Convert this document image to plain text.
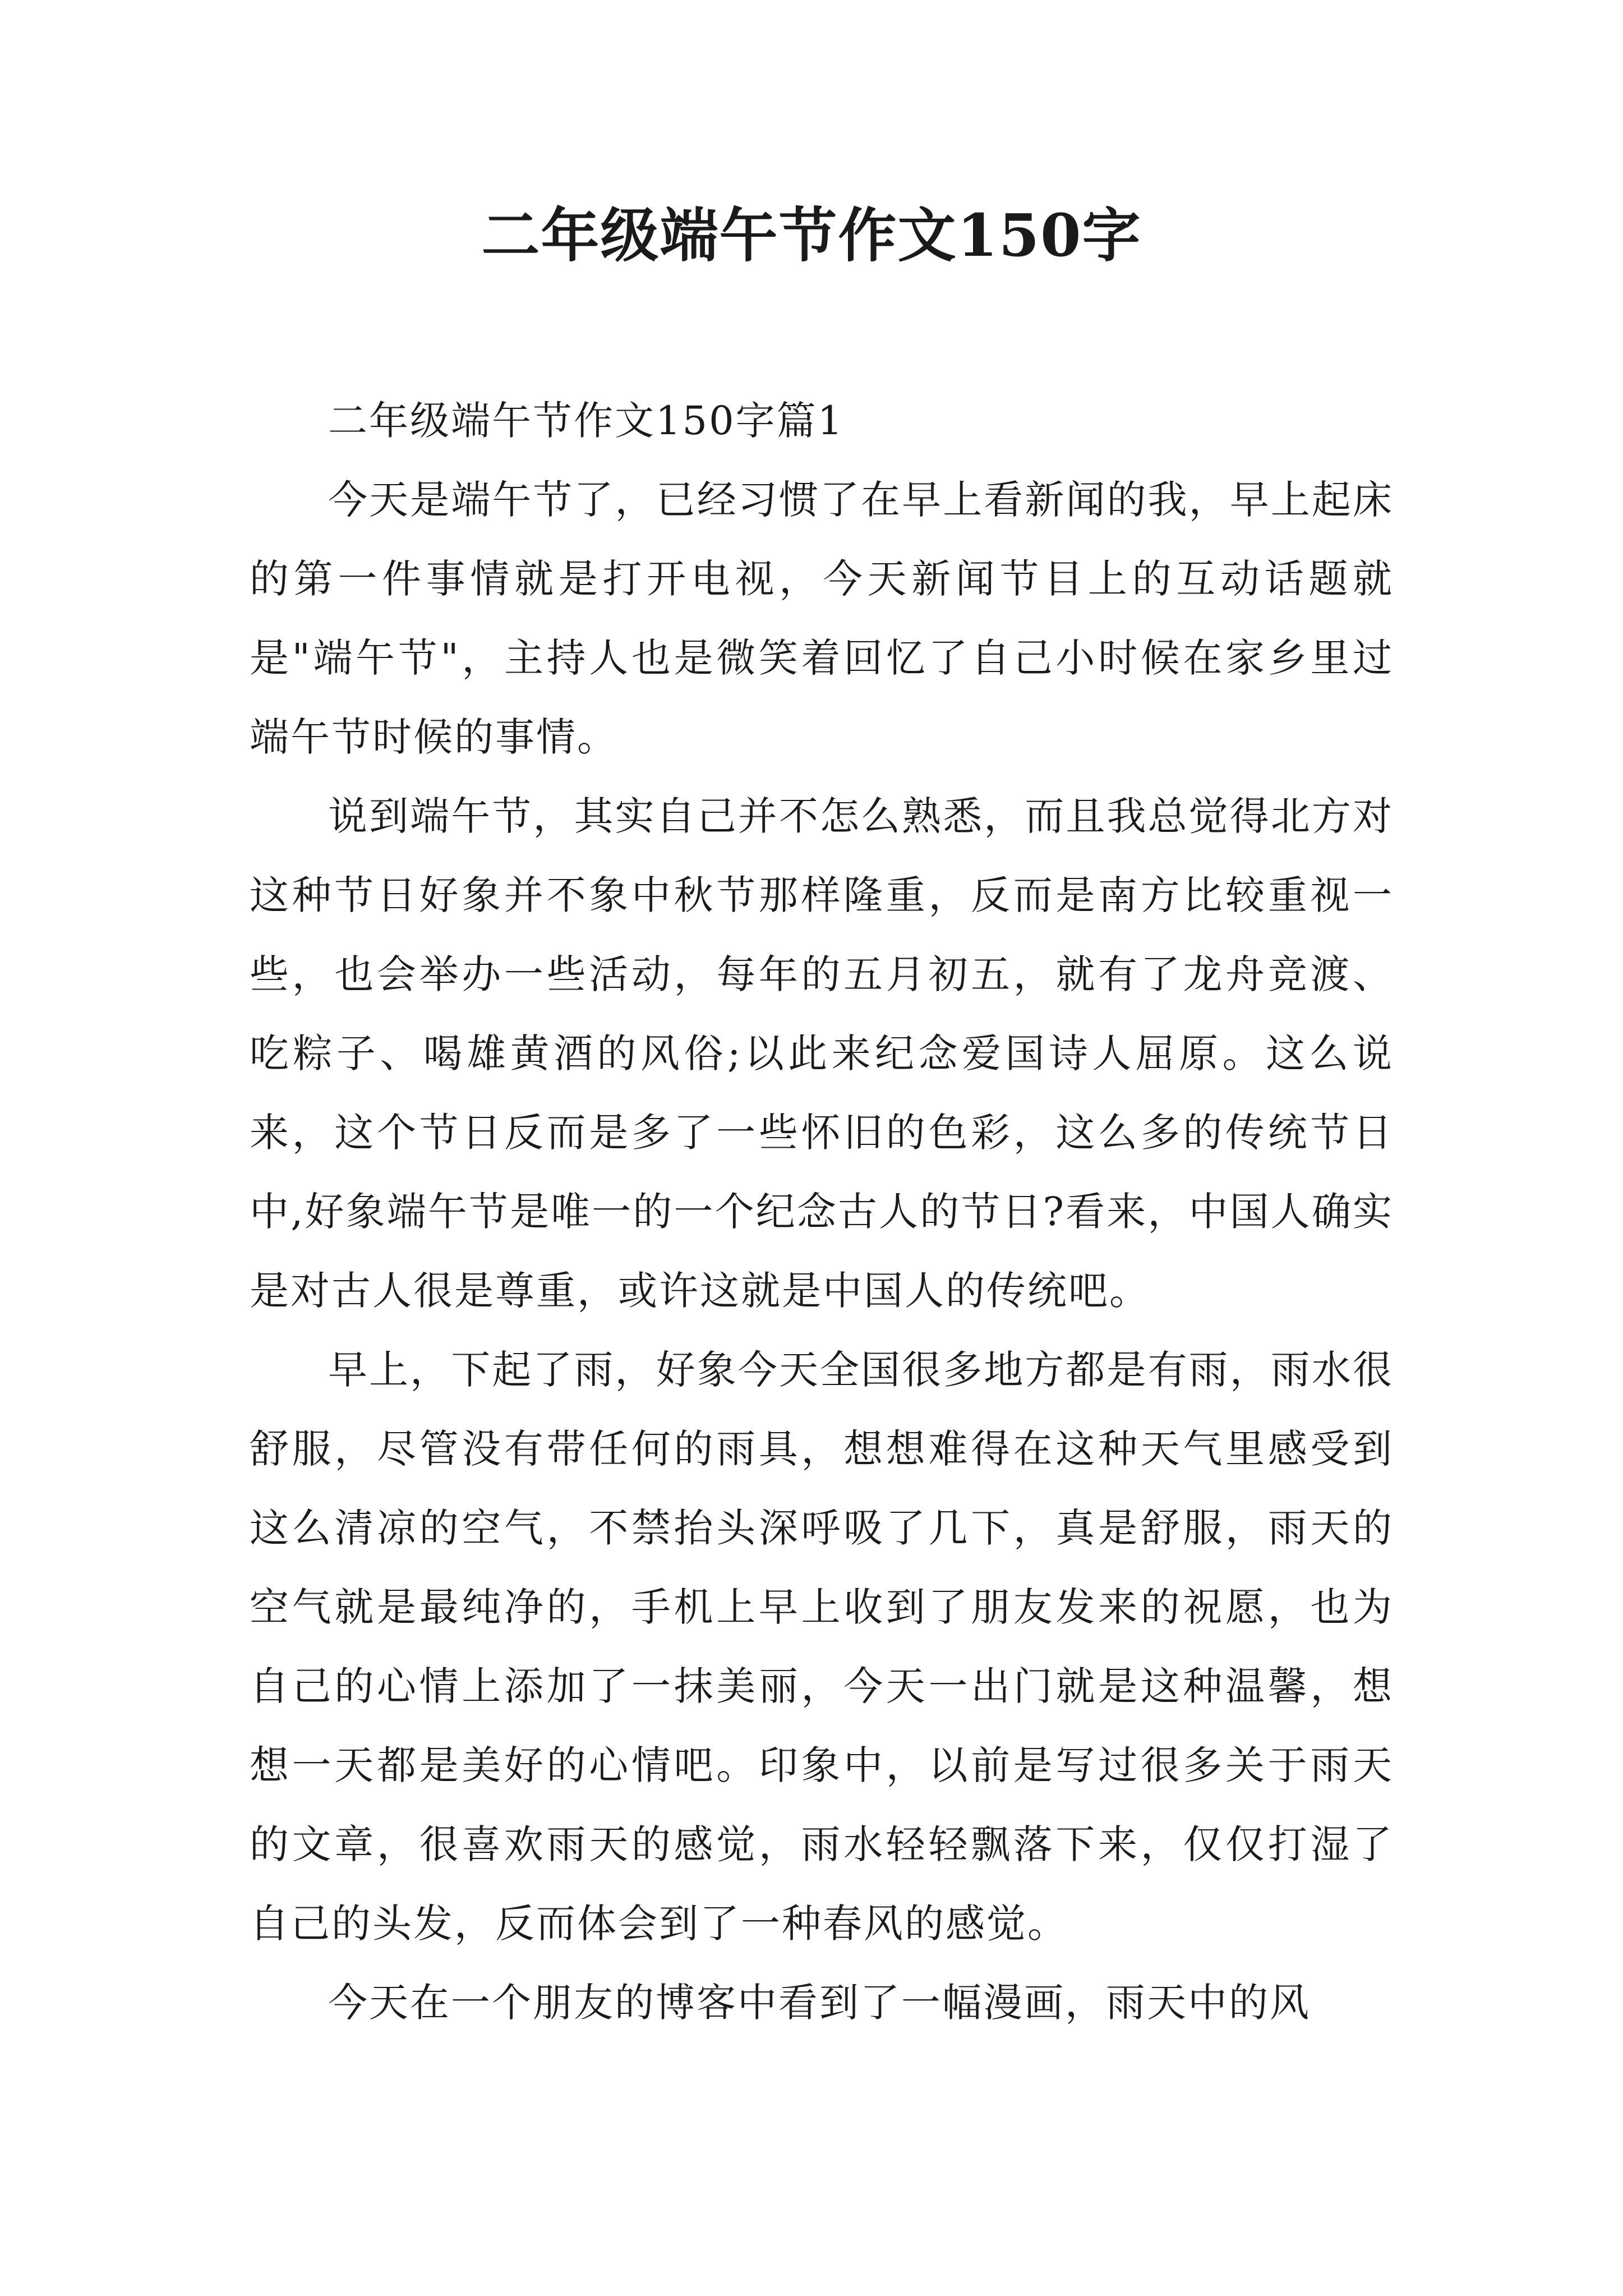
二年级端午节作文150字

二年级端午节作文150字篇1

今天是端午节了，已经习惯了在早上看新闻的我，早上起床的第一件事情就是打开电视，今天新闻节目上的互动话题就是"端午节"，主持人也是微笑着回忆了自己小时候在家乡里过端午节时候的事情。

说到端午节，其实自己并不怎么熟悉，而且我总觉得北方对这种节日好象并不象中秋节那样隆重，反而是南方比较重视一些，也会举办一些活动，每年的五月初五，就有了龙舟竞渡、吃粽子、喝雄黄酒的风俗;以此来纪念爱国诗人屈原。这么说来，这个节日反而是多了一些怀旧的色彩，这么多的传统节日中,好象端午节是唯一的一个纪念古人的节日?看来，中国人确实是对古人很是尊重，或许这就是中国人的传统吧。

早上，下起了雨，好象今天全国很多地方都是有雨，雨水很舒服，尽管没有带任何的雨具，想想难得在这种天气里感受到这么清凉的空气，不禁抬头深呼吸了几下，真是舒服，雨天的空气就是最纯净的，手机上早上收到了朋友发来的祝愿，也为自己的心情上添加了一抹美丽，今天一出门就是这种温馨，想想一天都是美好的心情吧。印象中，以前是写过很多关于雨天的文章，很喜欢雨天的感觉，雨水轻轻飘落下来，仅仅打湿了自己的头发，反而体会到了一种春风的感觉。

今天在一个朋友的博客中看到了一幅漫画，雨天中的风
